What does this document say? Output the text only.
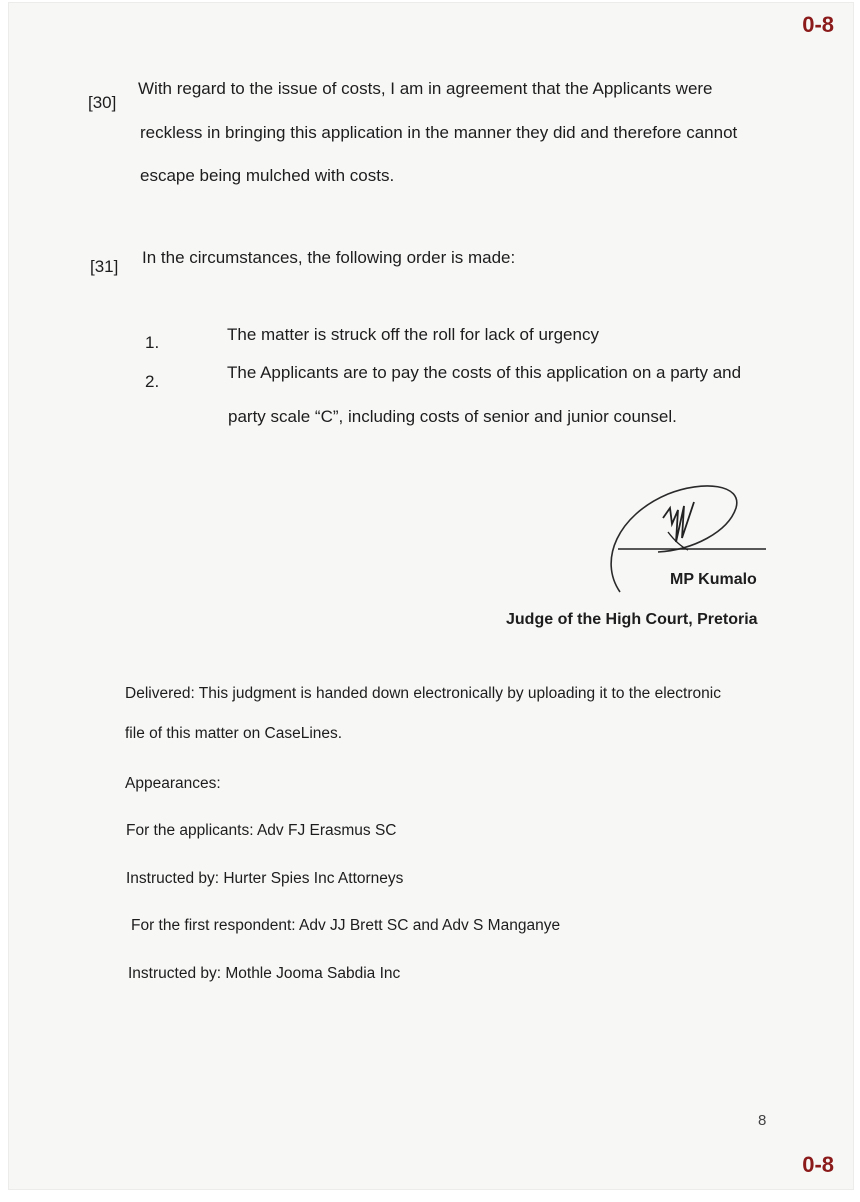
0-8
[30]
With regard to the issue of costs, I am in agreement that the Applicants were
reckless in bringing this application in the manner they did and therefore cannot
escape being mulched with costs.
[31] In the circumstances, the following order is made:
1.	The matter is struck off the roll for lack of urgency
2.	The Applicants are to pay the costs of this application on a party and
party scale “C”, including costs of senior and junior counsel.
MP Kumalo
Judge of the High Court, Pretoria
Delivered: This judgment is handed down electronically by uploading it to the electronic
file of this matter on CaseLines.
Appearances:
For the applicants: Adv FJ Erasmus SC
Instructed by: Hurter Spies Inc Attorneys
For the first respondent: Adv JJ Brett SC and Adv S Manganye
Instructed by: Mothle Jooma Sabdia Inc
8
0-8
